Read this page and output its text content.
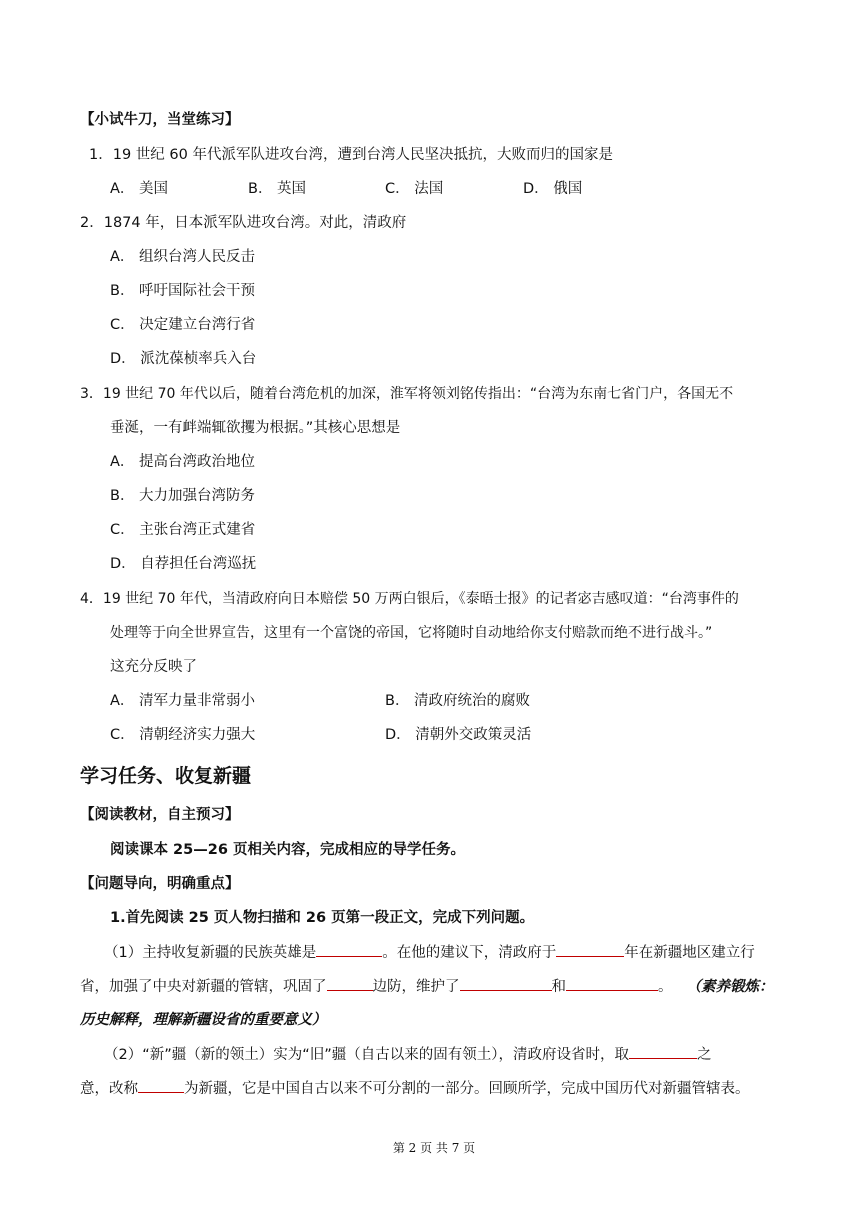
【小试牛刀，当堂练习】
1．19 世纪 60 年代派军队进攻台湾，遭到台湾人民坚决抵抗，大败而归的国家是
A． 美国	B． 英国	C． 法国	D． 俄国
2．1874 年，日本派军队进攻台湾。对此，清政府
A． 组织台湾人民反击
B． 呼吁国际社会干预
C． 决定建立台湾行省
D． 派沈葆桢率兵入台
3．19 世纪 70 年代以后，随着台湾危机的加深，淮军将领刘铭传指出：“台湾为东南七省门户，各国无不
垂涎，一有衅端辄欲攫为根据。”其核心思想是
A． 提高台湾政治地位
B． 大力加强台湾防务
C． 主张台湾正式建省
D． 自荐担任台湾巡抚
4．19 世纪 70 年代，当清政府向日本赔偿 50 万两白银后，《泰晤士报》的记者宓吉感叹道：“台湾事件的
处理等于向全世界宣告，这里有一个富饶的帝国，它将随时自动地给你支付赔款而绝不进行战斗。”
这充分反映了
A． 清军力量非常弱小	B． 清政府统治的腐败
C． 清朝经济实力强大	D． 清朝外交政策灵活
学习任务、收复新疆
【阅读教材，自主预习】
阅读课本 25—26 页相关内容，完成相应的导学任务。
【问题导向，明确重点】
1.首先阅读 25 页人物扫描和 26 页第一段正文，完成下列问题。
（1）主持收复新疆的民族英雄是	。在他的建议下，清政府于	年在新疆地区建立行
省，加强了中央对新疆的管辖，巩固了	边防，维护了	和	。 （素养锻炼：
历史解释，理解新疆设省的重要意义）
（2）“新”疆（新的领土）实为“旧”疆（自古以来的固有领土），清政府设省时，取	之
意，改称	为新疆，它是中国自古以来不可分割的一部分。回顾所学，完成中国历代对新疆管辖表。
第 2 页 共 7 页
